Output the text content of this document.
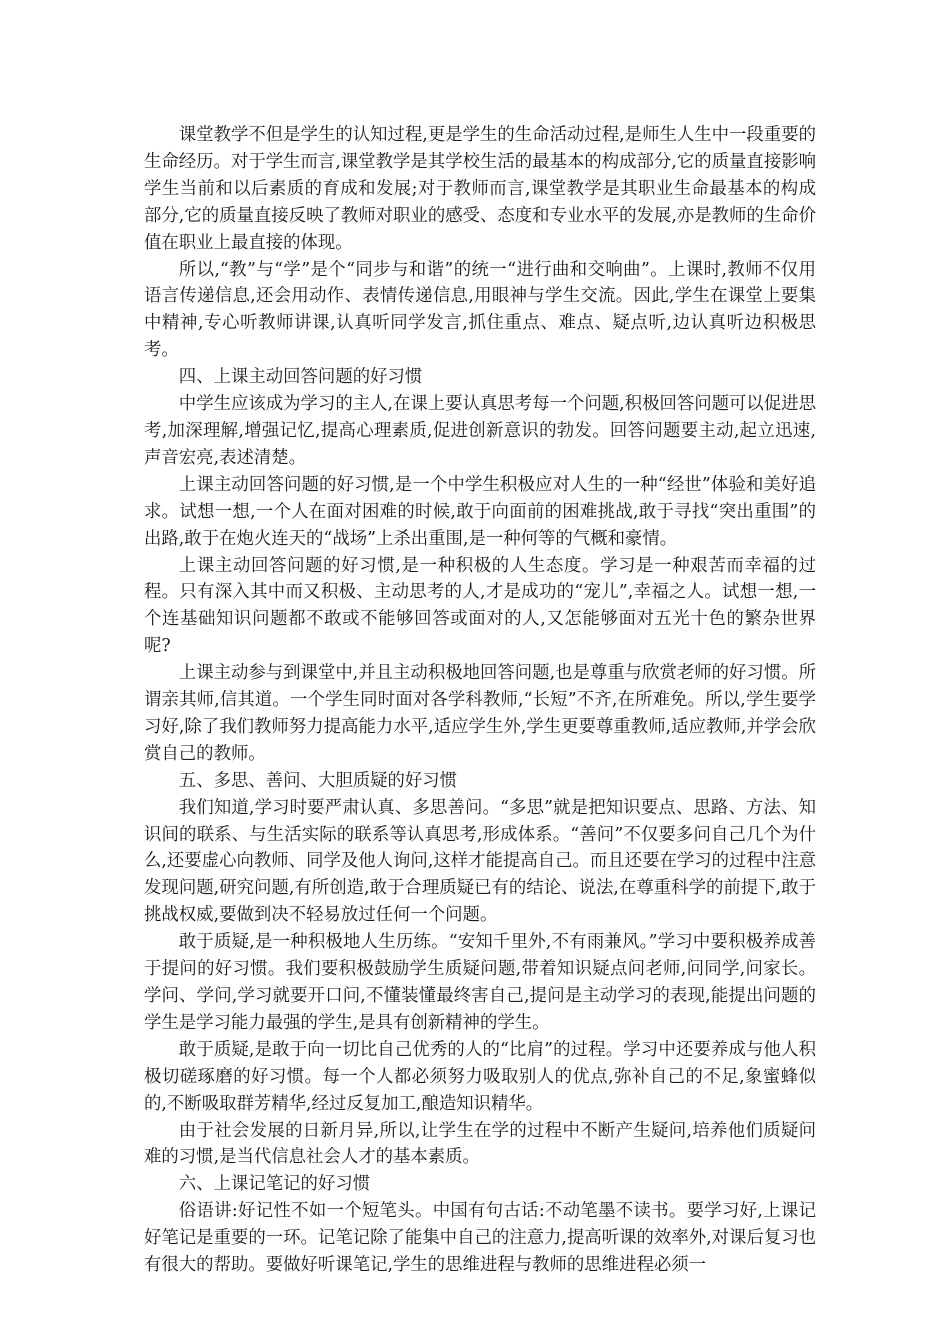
课堂教学不但是学生的认知过程,更是学生的生命活动过程,是师生人生中一段重要的生命经历。对于学生而言,课堂教学是其学校生活的最基本的构成部分,它的质量直接影响学生当前和以后素质的育成和发展;对于教师而言,课堂教学是其职业生命最基本的构成部分,它的质量直接反映了教师对职业的感受、态度和专业水平的发展,亦是教师的生命价值在职业上最直接的体现。

所以,“教”与“学”是个“同步与和谐”的统一“进行曲和交响曲”。上课时,教师不仅用语言传递信息,还会用动作、表情传递信息,用眼神与学生交流。因此,学生在课堂上要集中精神,专心听教师讲课,认真听同学发言,抓住重点、难点、疑点听,边认真听边积极思考。

四、上课主动回答问题的好习惯

中学生应该成为学习的主人,在课上要认真思考每一个问题,积极回答问题可以促进思考,加深理解,增强记忆,提高心理素质,促进创新意识的勃发。回答问题要主动,起立迅速,声音宏亮,表述清楚。

上课主动回答问题的好习惯,是一个中学生积极应对人生的一种“经世”体验和美好追求。试想一想,一个人在面对困难的时候,敢于向面前的困难挑战,敢于寻找“突出重围”的出路,敢于在炮火连天的“战场”上杀出重围,是一种何等的气概和豪情。

上课主动回答问题的好习惯,是一种积极的人生态度。学习是一种艰苦而幸福的过程。只有深入其中而又积极、主动思考的人,才是成功的“宠儿”,幸福之人。试想一想,一个连基础知识问题都不敢或不能够回答或面对的人,又怎能够面对五光十色的繁杂世界呢?

上课主动参与到课堂中,并且主动积极地回答问题,也是尊重与欣赏老师的好习惯。所谓亲其师,信其道。一个学生同时面对各学科教师,“长短”不齐,在所难免。所以,学生要学习好,除了我们教师努力提高能力水平,适应学生外,学生更要尊重教师,适应教师,并学会欣赏自己的教师。

五、多思、善问、大胆质疑的好习惯

我们知道,学习时要严肃认真、多思善问。“多思”就是把知识要点、思路、方法、知识间的联系、与生活实际的联系等认真思考,形成体系。“善问”不仅要多问自己几个为什么,还要虚心向教师、同学及他人询问,这样才能提高自己。而且还要在学习的过程中注意发现问题,研究问题,有所创造,敢于合理质疑已有的结论、说法,在尊重科学的前提下,敢于挑战权威,要做到决不轻易放过任何一个问题。

敢于质疑,是一种积极地人生历练。“安知千里外,不有雨兼风。”学习中要积极养成善于提问的好习惯。我们要积极鼓励学生质疑问题,带着知识疑点问老师,问同学,问家长。学问、学问,学习就要开口问,不懂装懂最终害自己,提问是主动学习的表现,能提出问题的学生是学习能力最强的学生,是具有创新精神的学生。

敢于质疑,是敢于向一切比自己优秀的人的“比肩”的过程。学习中还要养成与他人积极切磋琢磨的好习惯。每一个人都必须努力吸取别人的优点,弥补自己的不足,象蜜蜂似的,不断吸取群芳精华,经过反复加工,酿造知识精华。

由于社会发展的日新月异,所以,让学生在学的过程中不断产生疑问,培养他们质疑问难的习惯,是当代信息社会人才的基本素质。

六、上课记笔记的好习惯

俗语讲:好记性不如一个短笔头。中国有句古话:不动笔墨不读书。要学习好,上课记好笔记是重要的一环。记笔记除了能集中自己的注意力,提高听课的效率外,对课后复习也有很大的帮助。要做好听课笔记,学生的思维进程与教师的思维进程必须一
